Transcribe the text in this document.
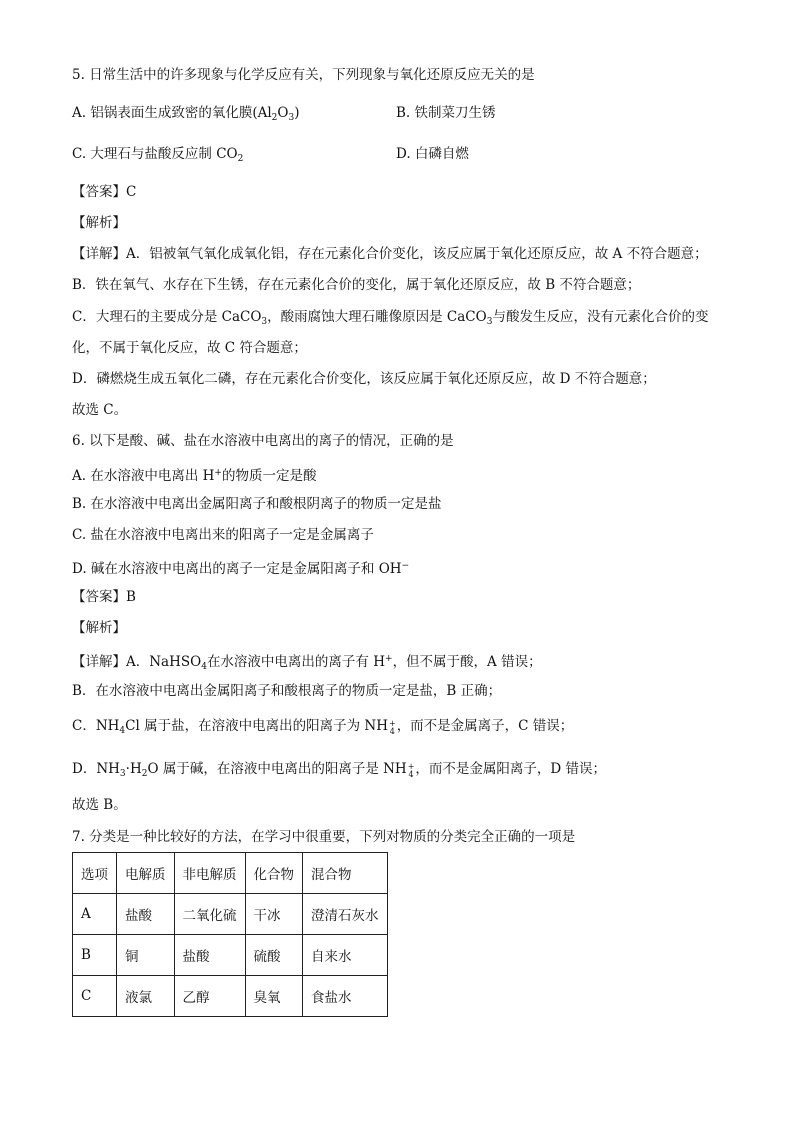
5. 日常生活中的许多现象与化学反应有关，下列现象与氧化还原反应无关的是
A. 铝锅表面生成致密的氧化膜$(Al_2O_3)$	B. 铁制菜刀生锈
C. 大理石与盐酸反应制 $CO_2$	D. 白磷自燃
【答案】C
【解析】
【详解】A．铝被氧气氧化成氧化铝，存在元素化合价变化，该反应属于氧化还原反应，故 A 不符合题意；
B．铁在氧气、水存在下生锈，存在元素化合价的变化，属于氧化还原反应，故 B 不符合题意；
C．大理石的主要成分是 CaCO$_3$，酸雨腐蚀大理石雕像原因是 CaCO$_3$与酸发生反应，没有元素化合价的变
化，不属于氧化反应，故 C 符合题意；
D．磷燃烧生成五氧化二磷，存在元素化合价变化，该反应属于氧化还原反应，故 D 不符合题意；
故选 C。
6. 以下是酸、碱、盐在水溶液中电离出的离子的情况，正确的是
A. 在水溶液中电离出 H+的物质一定是酸
B. 在水溶液中电离出金属阳离子和酸根阴离子的物质一定是盐
C. 盐在水溶液中电离出来的阳离子一定是金属离子
D. 碱在水溶液中电离出的离子一定是金属阳离子和 OH−
【答案】B
【解析】
【详解】A．NaHSO$_4$在水溶液中电离出的离子有 H+，但不属于酸，A 错误；
B．在水溶液中电离出金属阳离子和酸根离子的物质一定是盐，B 正确；
C．$NH_4Cl$ 属于盐，在溶液中电离出的阳离子为 NH+
4 ，而不是金属离子，C 错误；
D．$NH_3\cdot H_2O$ 属于碱，在溶液中电离出的阳离子是 NH+
4 ，而不是金属阳离子，D 错误；
故选 B。
7. 分类是一种比较好的方法，在学习中很重要，下列对物质的分类完全正确的一项是
选项	电解质	非电解质	化合物	混合物
A	盐酸	二氧化硫	干冰	澄清石灰水
B	铜	盐酸	硫酸	自来水
C	液氯	乙醇	臭氧	食盐水
